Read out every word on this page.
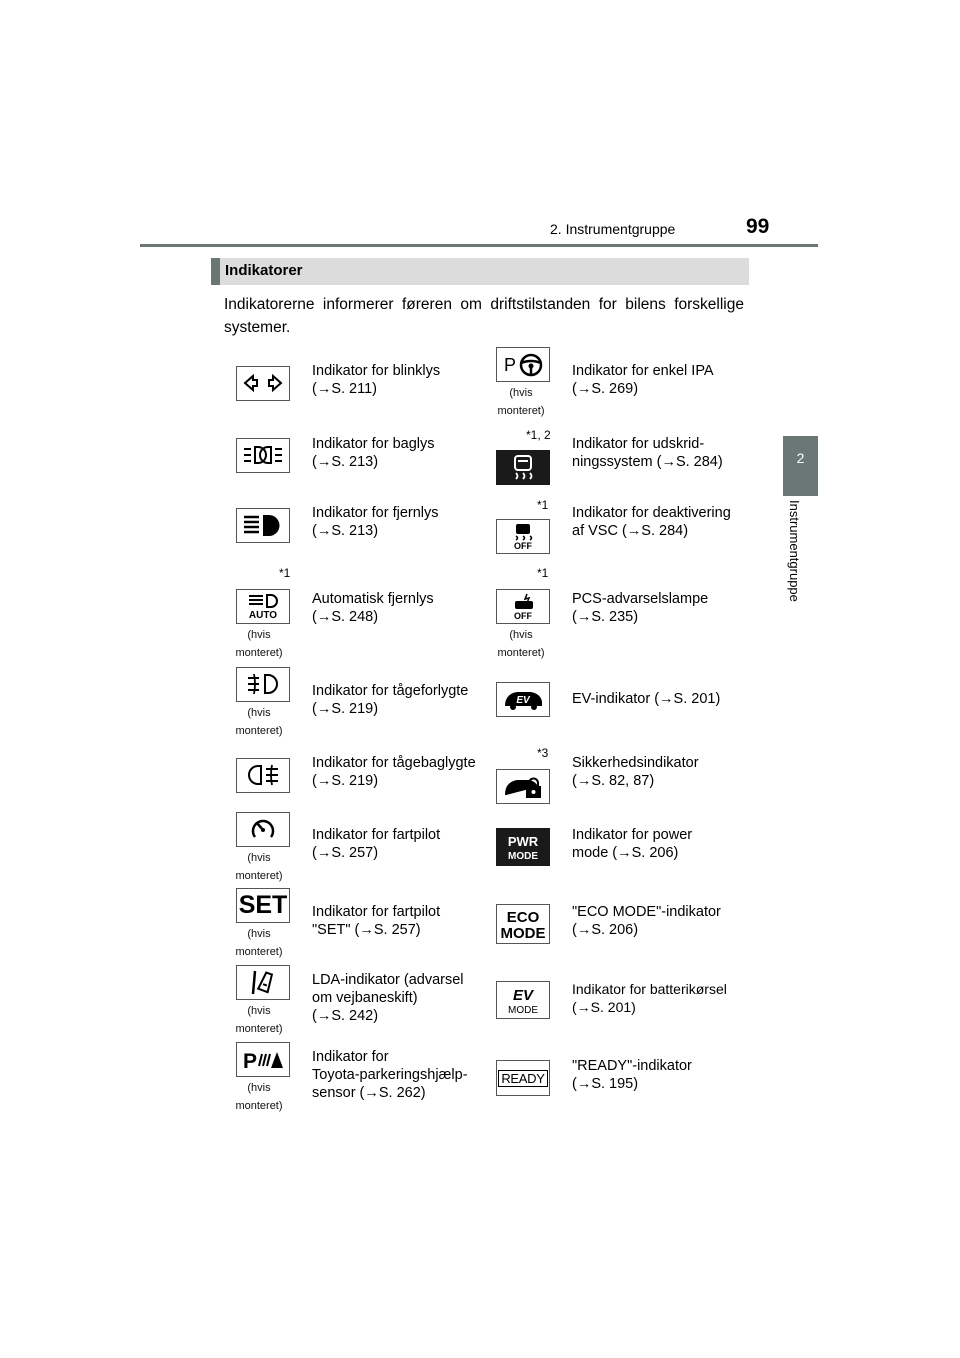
2. Instrumentgruppe	99
2
Instrumentgruppe
Indikatorer
Indikatorerne informerer føreren om driftstilstanden for bilens forskellige systemer.
Indikator for blinklys
(→S. 211)
Indikator for baglys
(→S. 213)
Indikator for fjernlys
(→S. 213)
*1
AUTO
(hvis monteret)
Automatisk fjernlys
(→S. 248)
(hvis monteret)
Indikator for tågeforlygte
(→S. 219)
Indikator for tågebaglygte
(→S. 219)
(hvis monteret)
Indikator for fartpilot
(→S. 257)
SET
(hvis monteret)
Indikator for fartpilot
"SET" (→S. 257)
(hvis monteret)
LDA-indikator (advarsel
om vejbaneskift)
(→S. 242)
P
(hvis monteret)
Indikator for
Toyota-parkeringshjælp-
sensor (→S. 262)
P
(hvis monteret)
Indikator for enkel IPA
(→S. 269)
*1, 2
Indikator for udskrid-
ningssystem (→S. 284)
*1
OFF
Indikator for deaktivering
af VSC (→S. 284)
*1
OFF
(hvis monteret)
PCS-advarselslampe
(→S. 235)
EV	EV-indikator (→S. 201)
*3
Sikkerhedsindikator
(→S. 82, 87)
PWR
MODE
Indikator for power
mode (→S. 206)
ECO
MODE
"ECO MODE"-indikator
(→S. 206)
EV
MODE
Indikator for batterikørsel
(→S. 201)
READY
"READY"-indikator
(→S. 195)
